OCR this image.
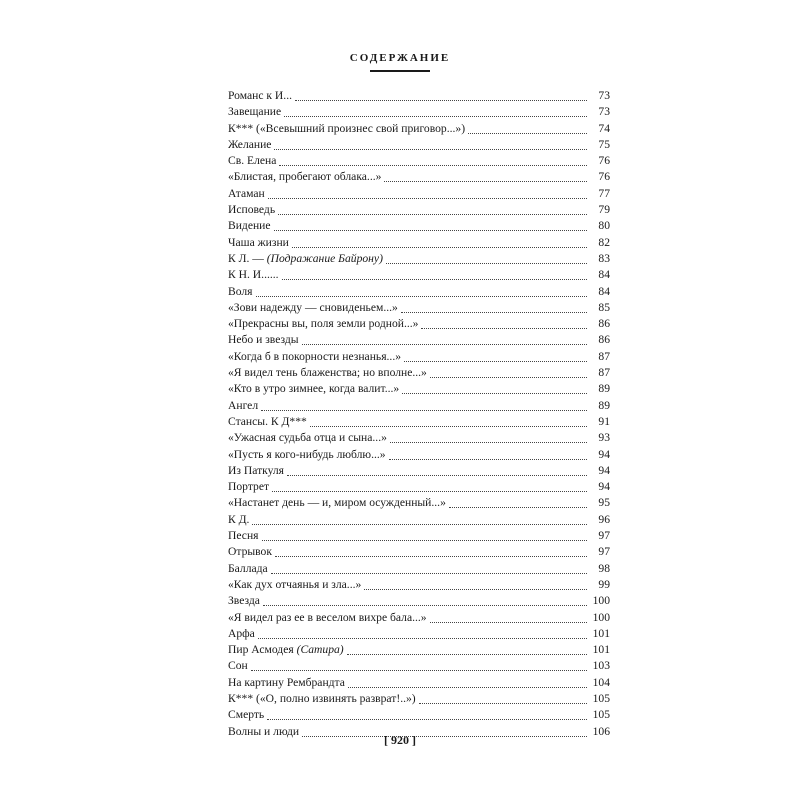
СОДЕРЖАНИЕ
Романс к И...	73
Завещание	73
К*** («Всевышний произнес свой приговор...»)	74
Желание	75
Св. Елена	76
«Блистая, пробегают облака...»	76
Атаман	77
Исповедь	79
Видение	80
Чаша жизни	82
К Л. — (Подражание Байрону)	83
К Н. И......	84
Воля	84
«Зови надежду — сновиденьем...»	85
«Прекрасны вы, поля земли родной...»	86
Небо и звезды	86
«Когда б в покорности незнанья...»	87
«Я видел тень блаженства; но вполне...»	87
«Кто в утро зимнее, когда валит...»	89
Ангел	89
Стансы. К Д***	91
«Ужасная судьба отца и сына...»	93
«Пусть я кого-нибудь люблю...»	94
Из Паткуля	94
Портрет	94
«Настанет день — и, миром осужденный...»	95
К Д.	96
Песня	97
Отрывок	97
Баллада	98
«Как дух отчаянья и зла...»	99
Звезда	100
«Я видел раз ее в веселом вихре бала...»	100
Арфа	101
Пир Асмодея (Сатира)	101
Сон	103
На картину Рембрандта	104
К*** («О, полно извинять разврат!..»)	105
Смерть	105
Волны и люди	106
[ 920 ]
